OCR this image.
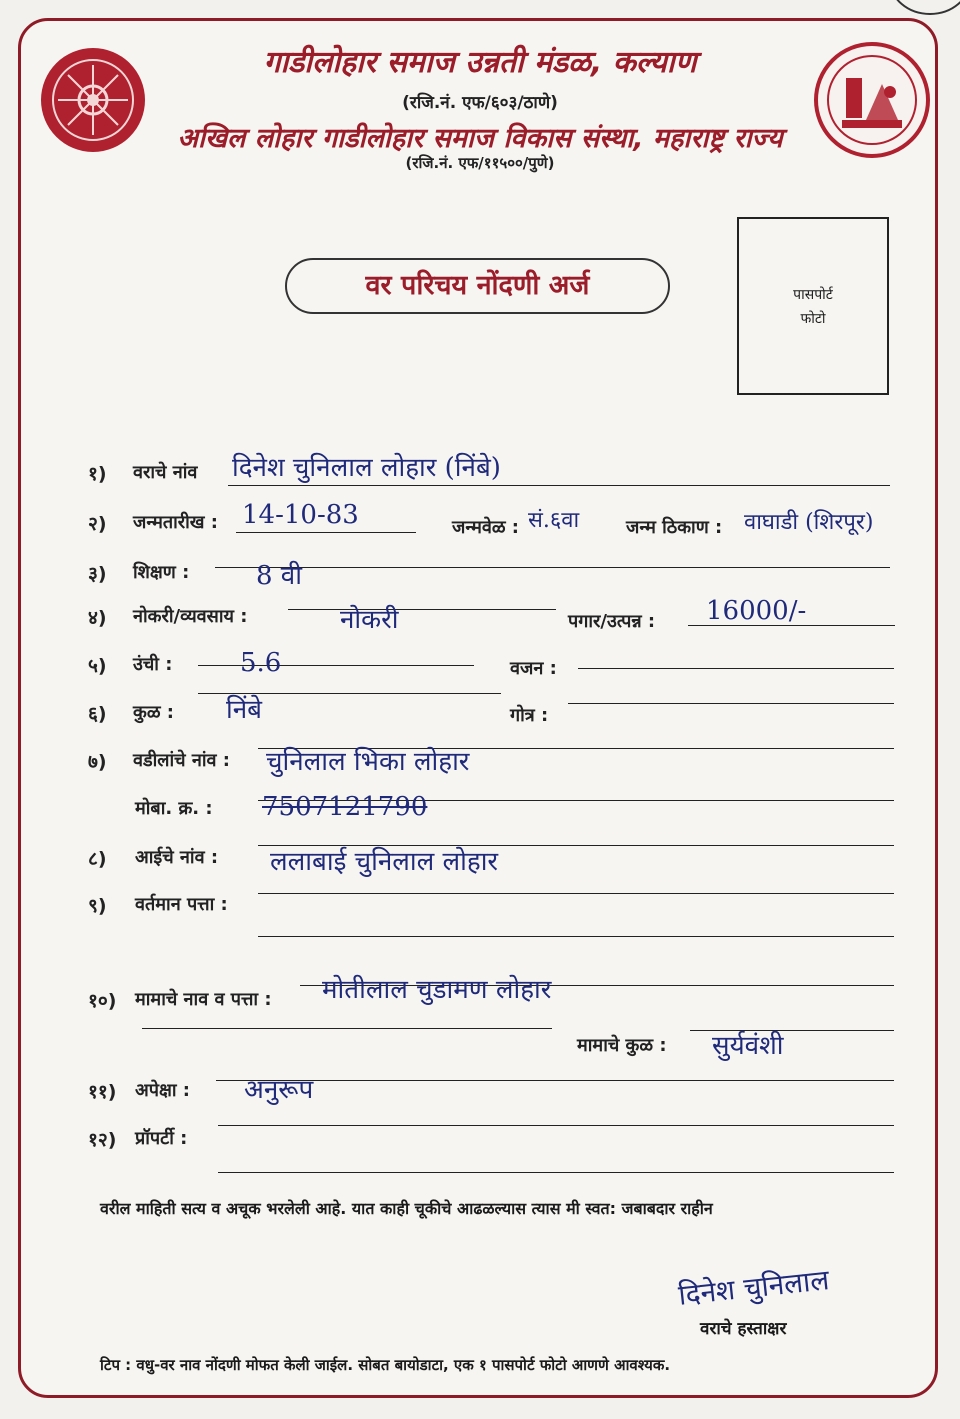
गाडीलोहार समाज उन्नती मंडळ, कल्याण
(रजि.नं. एफ/६०३/ठाणे)
अखिल लोहार गाडीलोहार समाज विकास संस्था, महाराष्ट्र राज्य
(रजि.नं. एफ/११५००/पुणे)
वर परिचय नोंदणी अर्ज	पासपोर्ट
फोटो
१) वराचे नांव दिनेश चुनिलाल लोहार (निंबे)
२) जन्मतारीख : 14-10-83	जन्मवेळ : सं.६वा	जन्म ठिकाण : वाघाडी (शिरपूर)
३) शिक्षण :	8 वी
४) नोकरी/व्यवसाय :	नोकरी	पगार/उत्पन्न : 16000/-
५) उंची :	5.6	वजन :
६) कुळ : निंबे	गोत्र :
७) वडीलांचे नांव : चुनिलाल भिका लोहार
मोबा. क्र. : 7507121790
८) आईचे नांव : ललाबाई चुनिलाल लोहार
९) वर्तमान पत्ता :
१०) मामाचे नाव व पत्ता : मोतीलाल चुडामण लोहार
मामाचे कुळ : सुर्यवंशी
११) अपेक्षा : अनुरूप
१२) प्रॉपर्टी :
वरील माहिती सत्य व अचूक भरलेली आहे. यात काही चूकीचे आढळल्यास त्यास मी स्वत: जबाबदार राहीन
दिनेश चुनिलाल
वराचे हस्ताक्षर
टिप : वधु-वर नाव नोंदणी मोफत केली जाईल. सोबत बायोडाटा, एक १ पासपोर्ट फोटो आणणे आवश्यक.
